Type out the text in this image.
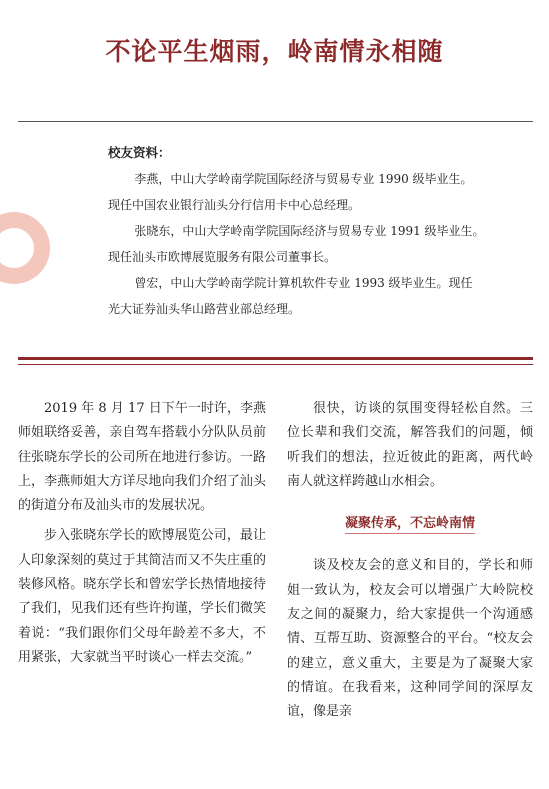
不论平生烟雨，岭南情永相随

校友资料：

李燕，中山大学岭南学院国际经济与贸易专业 1990 级毕业生。

现任中国农业银行汕头分行信用卡中心总经理。

张晓东，中山大学岭南学院国际经济与贸易专业 1991 级毕业生。

现任汕头市欧博展览服务有限公司董事长。

曾宏，中山大学岭南学院计算机软件专业 1993 级毕业生。现任

光大证券汕头华山路营业部总经理。

2019 年 8 月 17 日下午一时许，李燕师姐联络妥善，亲自驾车搭载小分队队员前往张晓东学长的公司所在地进行参访。一路上，李燕师姐大方详尽地向我们介绍了汕头的街道分布及汕头市的发展状况。

步入张晓东学长的欧博展览公司，最让人印象深刻的莫过于其简洁而又不失庄重的装修风格。晓东学长和曾宏学长热情地接待了我们，见我们还有些许拘谨，学长们微笑着说：“我们跟你们父母年龄差不多大，不用紧张，大家就当平时谈心一样去交流。”

很快，访谈的氛围变得轻松自然。三位长辈和我们交流，解答我们的问题，倾听我们的想法，拉近彼此的距离，两代岭南人就这样跨越山水相会。

凝聚传承，不忘岭南情

谈及校友会的意义和目的，学长和师姐一致认为，校友会可以增强广大岭院校友之间的凝聚力，给大家提供一个沟通感情、互帮互助、资源整合的平台。“校友会的建立，意义重大，主要是为了凝聚大家的情谊。在我看来，这种同学间的深厚友谊，像是亲
